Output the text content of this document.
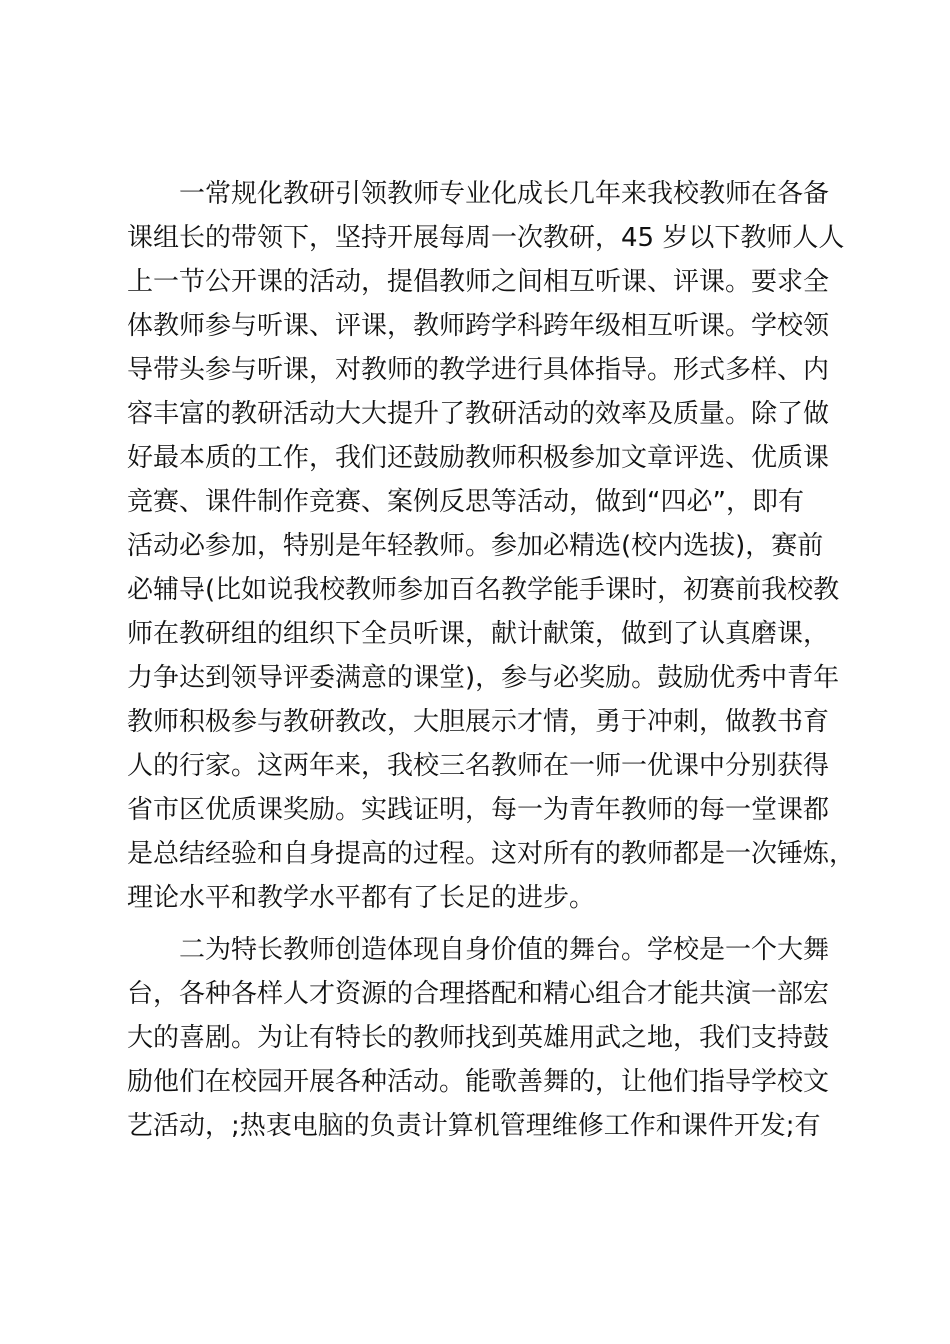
一常规化教研引领教师专业化成长几年来我校教师在各备
课组长的带领下，坚持开展每周一次教研，45 岁以下教师人人
上一节公开课的活动，提倡教师之间相互听课、评课。要求全
体教师参与听课、评课，教师跨学科跨年级相互听课。学校领
导带头参与听课，对教师的教学进行具体指导。形式多样、内
容丰富的教研活动大大提升了教研活动的效率及质量。除了做
好最本质的工作，我们还鼓励教师积极参加文章评选、优质课
竞赛、课件制作竞赛、案例反思等活动，做到“四必”，即有
活动必参加，特别是年轻教师。参加必精选(校内选拔)，赛前
必辅导(比如说我校教师参加百名教学能手课时，初赛前我校教
师在教研组的组织下全员听课，献计献策，做到了认真磨课，
力争达到领导评委满意的课堂)，参与必奖励。鼓励优秀中青年
教师积极参与教研教改，大胆展示才情，勇于冲刺，做教书育
人的行家。这两年来，我校三名教师在一师一优课中分别获得
省市区优质课奖励。实践证明，每一为青年教师的每一堂课都
是总结经验和自身提高的过程。这对所有的教师都是一次锤炼，
理论水平和教学水平都有了长足的进步。
二为特长教师创造体现自身价值的舞台。学校是一个大舞
台，各种各样人才资源的合理搭配和精心组合才能共演一部宏
大的喜剧。为让有特长的教师找到英雄用武之地，我们支持鼓
励他们在校园开展各种活动。能歌善舞的，让他们指导学校文
艺活动，;热衷电脑的负责计算机管理维修工作和课件开发;有
